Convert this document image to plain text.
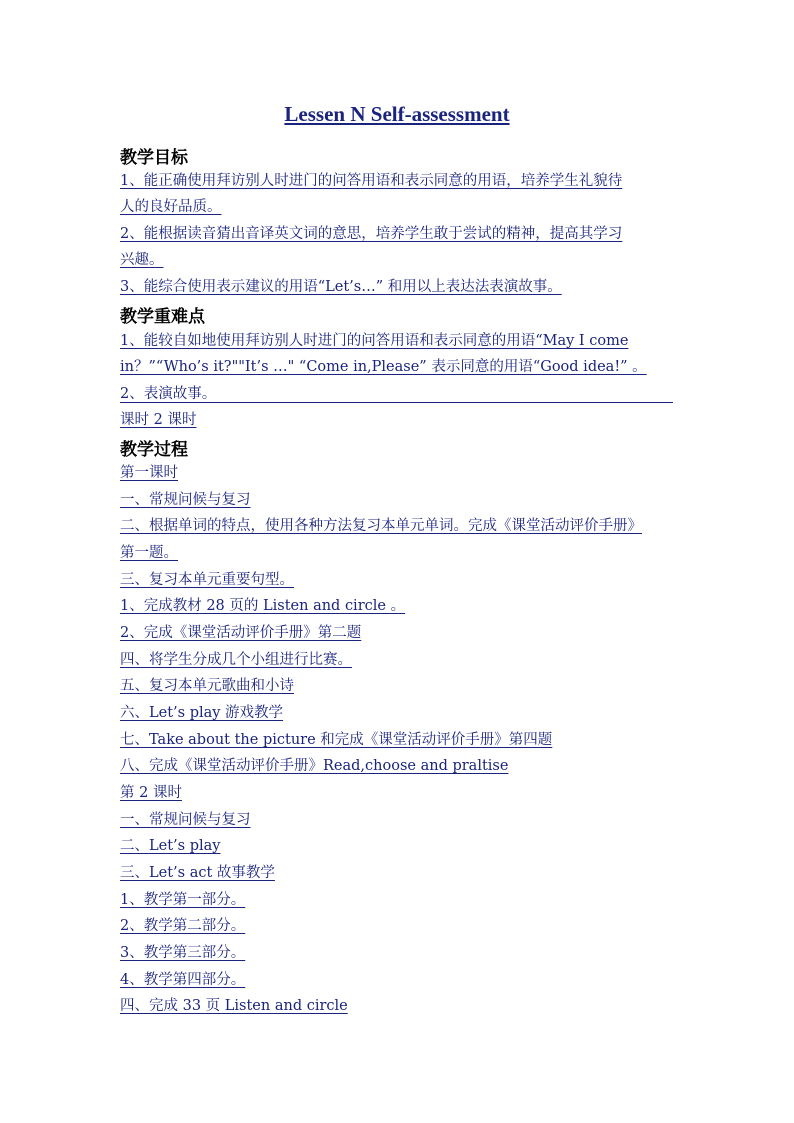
Lessen N Self-assessment
教学目标
1、能正确使用拜访别人时进门的问答用语和表示同意的用语，培养学生礼貌待
人的良好品质。
2、能根据读音猜出音译英文词的意思，培养学生敢于尝试的精神，提高其学习
兴趣。
3、能综合使用表示建议的用语“Let’s…” 和用以上表达法表演故事。
教学重难点
1、能较自如地使用拜访别人时进门的问答用语和表示同意的用语“May I come
in？”“Who’s it?""It’s …" “Come in,Please” 表示同意的用语“Good idea!” 。
2、表演故事。
课时 2 课时
教学过程
第一课时
一、常规问候与复习
二、根据单词的特点，使用各种方法复习本单元单词。完成《课堂活动评价手册》
第一题。
三、复习本单元重要句型。
1、完成教材 28 页的 Listen and circle 。
2、完成《课堂活动评价手册》第二题
四、将学生分成几个小组进行比赛。
五、复习本单元歌曲和小诗
六、Let’s play 游戏教学
七、Take about the picture 和完成《课堂活动评价手册》第四题
八、完成《课堂活动评价手册》Read,choose and praltise
第 2 课时
一、常规问候与复习
二、Let’s play
三、Let’s act 故事教学
1、教学第一部分。
2、教学第二部分。
3、教学第三部分。
4、教学第四部分。
四、完成 33 页 Listen and circle
